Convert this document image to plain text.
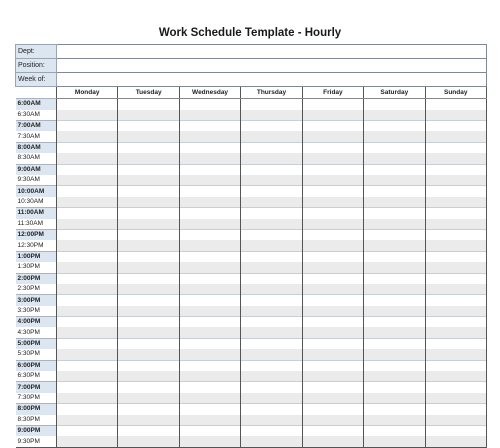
Work Schedule Template - Hourly
Dept:							
Position:							
Week of:							
	Monday	Tuesday	Wednesday	Thursday	Friday	Saturday	Sunday
6:00AM							
6:30AM							
7:00AM							
7:30AM							
8:00AM							
8:30AM							
9:00AM							
9:30AM							
10:00AM							
10:30AM							
11:00AM							
11:30AM							
12:00PM							
12:30PM							
1:00PM							
1:30PM							
2:00PM							
2:30PM							
3:00PM							
3:30PM							
4:00PM							
4:30PM							
5:00PM							
5:30PM							
6:00PM							
6:30PM							
7:00PM							
7:30PM							
8:00PM							
8:30PM							
9:00PM							
9:30PM							
